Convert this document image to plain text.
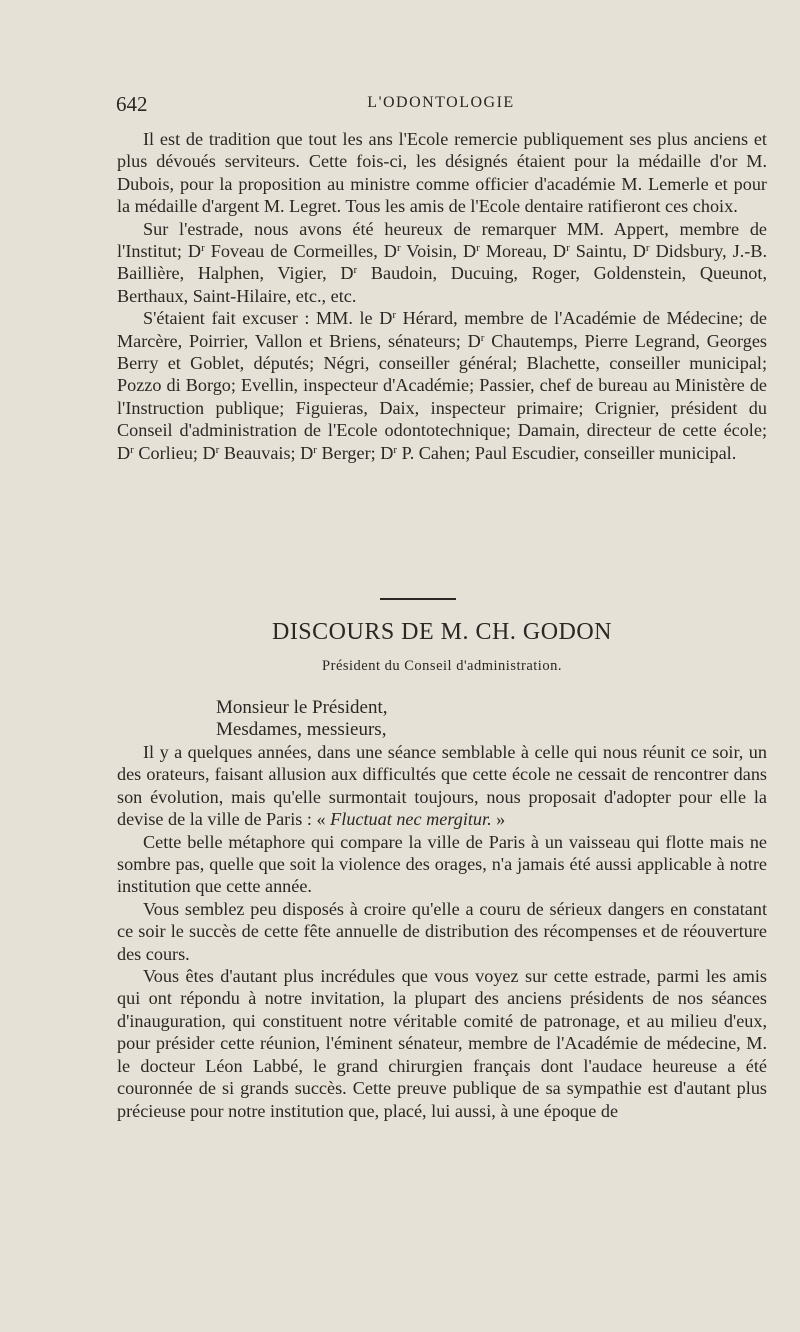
642	L'ODONTOLOGIE

Il est de tradition que tout les ans l'Ecole remercie publiquement ses plus anciens et plus dévoués serviteurs. Cette fois-ci, les désignés étaient pour la médaille d'or M. Dubois, pour la proposition au ministre comme officier d'académie M. Lemerle et pour la médaille d'argent M. Legret. Tous les amis de l'Ecole dentaire ratifieront ces choix.

Sur l'estrade, nous avons été heureux de remarquer MM. Appert, membre de l'Institut; $D^r$ Foveau de Cormeilles, $D^r$ Voisin, $D^r$ Moreau, $D^r$ Saintu, $D^r$ Didsbury, J.-B. Baillière, Halphen, Vigier, $D^r$ Baudoin, Ducuing, Roger, Goldenstein, Queunot, Berthaux, Saint-Hilaire, etc., etc.

S'étaient fait excuser : MM. le $D^r$ Hérard, membre de l'Académie de Médecine; de Marcère, Poirrier, Vallon et Briens, sénateurs; $D^r$ Chautemps, Pierre Legrand, Georges Berry et Goblet, députés; Négri, conseiller général; Blachette, conseiller municipal; Pozzo di Borgo; Evellin, inspecteur d'Académie; Passier, chef de bureau au Ministère de l'Instruction publique; Figuieras, Daix, inspecteur primaire; Crignier, président du Conseil d'administration de l'Ecole odontotechnique; Damain, directeur de cette école; $D^r$ Corlieu; $D^r$ Beauvais; $D^r$ Berger; $D^r$ P. Cahen; Paul Escudier, conseiller municipal.

DISCOURS DE M. CH. GODON
Président du Conseil d'administration.
Monsieur le Président,
Mesdames, messieurs,

Il y a quelques années, dans une séance semblable à celle qui nous réunit ce soir, un des orateurs, faisant allusion aux difficultés que cette école ne cessait de rencontrer dans son évolution, mais qu'elle surmontait toujours, nous proposait d'adopter pour elle la devise de la ville de Paris : « Fluctuat nec mergitur. »

Cette belle métaphore qui compare la ville de Paris à un vaisseau qui flotte mais ne sombre pas, quelle que soit la violence des orages, n'a jamais été aussi applicable à notre institution que cette année.

Vous semblez peu disposés à croire qu'elle a couru de sérieux dangers en constatant ce soir le succès de cette fête annuelle de distribution des récompenses et de réouverture des cours.

Vous êtes d'autant plus incrédules que vous voyez sur cette estrade, parmi les amis qui ont répondu à notre invitation, la plupart des anciens présidents de nos séances d'inauguration, qui constituent notre véritable comité de patronage, et au milieu d'eux, pour présider cette réunion, l'éminent sénateur, membre de l'Académie de médecine, M. le docteur Léon Labbé, le grand chirurgien français dont l'audace heureuse a été couronnée de si grands succès. Cette preuve publique de sa sympathie est d'autant plus précieuse pour notre institution que, placé, lui aussi, à une époque de
